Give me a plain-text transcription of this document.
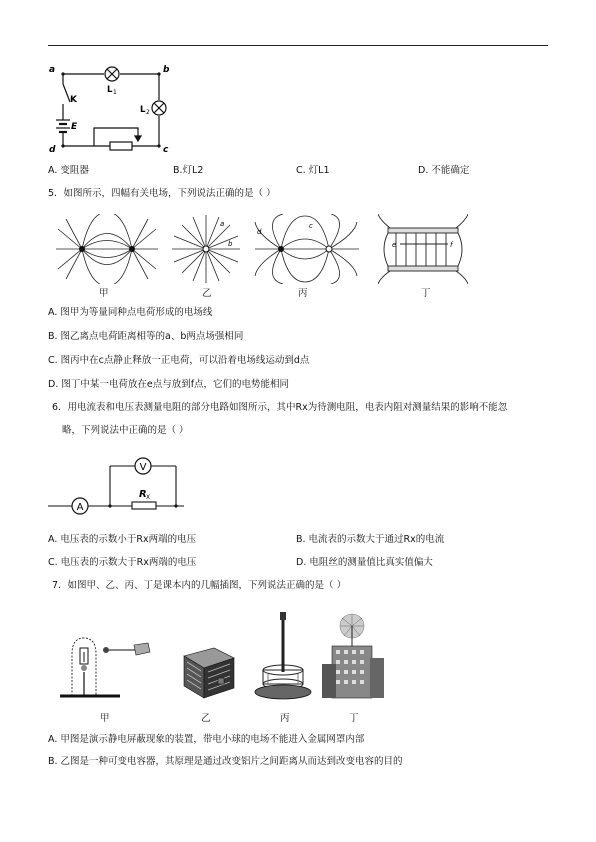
a	b
c
d
K
E
L 1
L 2
A. 变阻器	B.灯L2	C. 灯L1	D. 不能确定
5．如图所示，四幅有关电场，下列说法正确的是（ ）
甲
a
b
乙
d
c
丙
e	f
丁
A. 图甲为等量同种点电荷形成的电场线
B. 图乙离点电荷距离相等的a、b两点场强相同
C. 图丙中在c点静止释放一正电荷，可以沿着电场线运动到d点
D. 图丁中某一电荷放在e点与放到f点，它们的电势能相同
6．用电流表和电压表测量电阻的部分电路如图所示，其中Rx为待测电阻，电表内阻对测量结果的影响不能忽
略，下列说法中正确的是（ ）
V
A
R X
A. 电压表的示数小于Rx两端的电压	B. 电流表的示数大于通过Rx的电流
C. 电压表的示数大于Rx两端的电压	D. 电阻丝的测量值比真实值偏大
7．如图甲、乙、丙、丁是课本内的几幅插图，下列说法正确的是（ ）
甲	乙	丙	丁
A. 甲图是演示静电屏蔽现象的装置，带电小球的电场不能进入金属网罩内部
B. 乙图是一种可变电容器，其原理是通过改变铝片之间距离从而达到改变电容的目的
